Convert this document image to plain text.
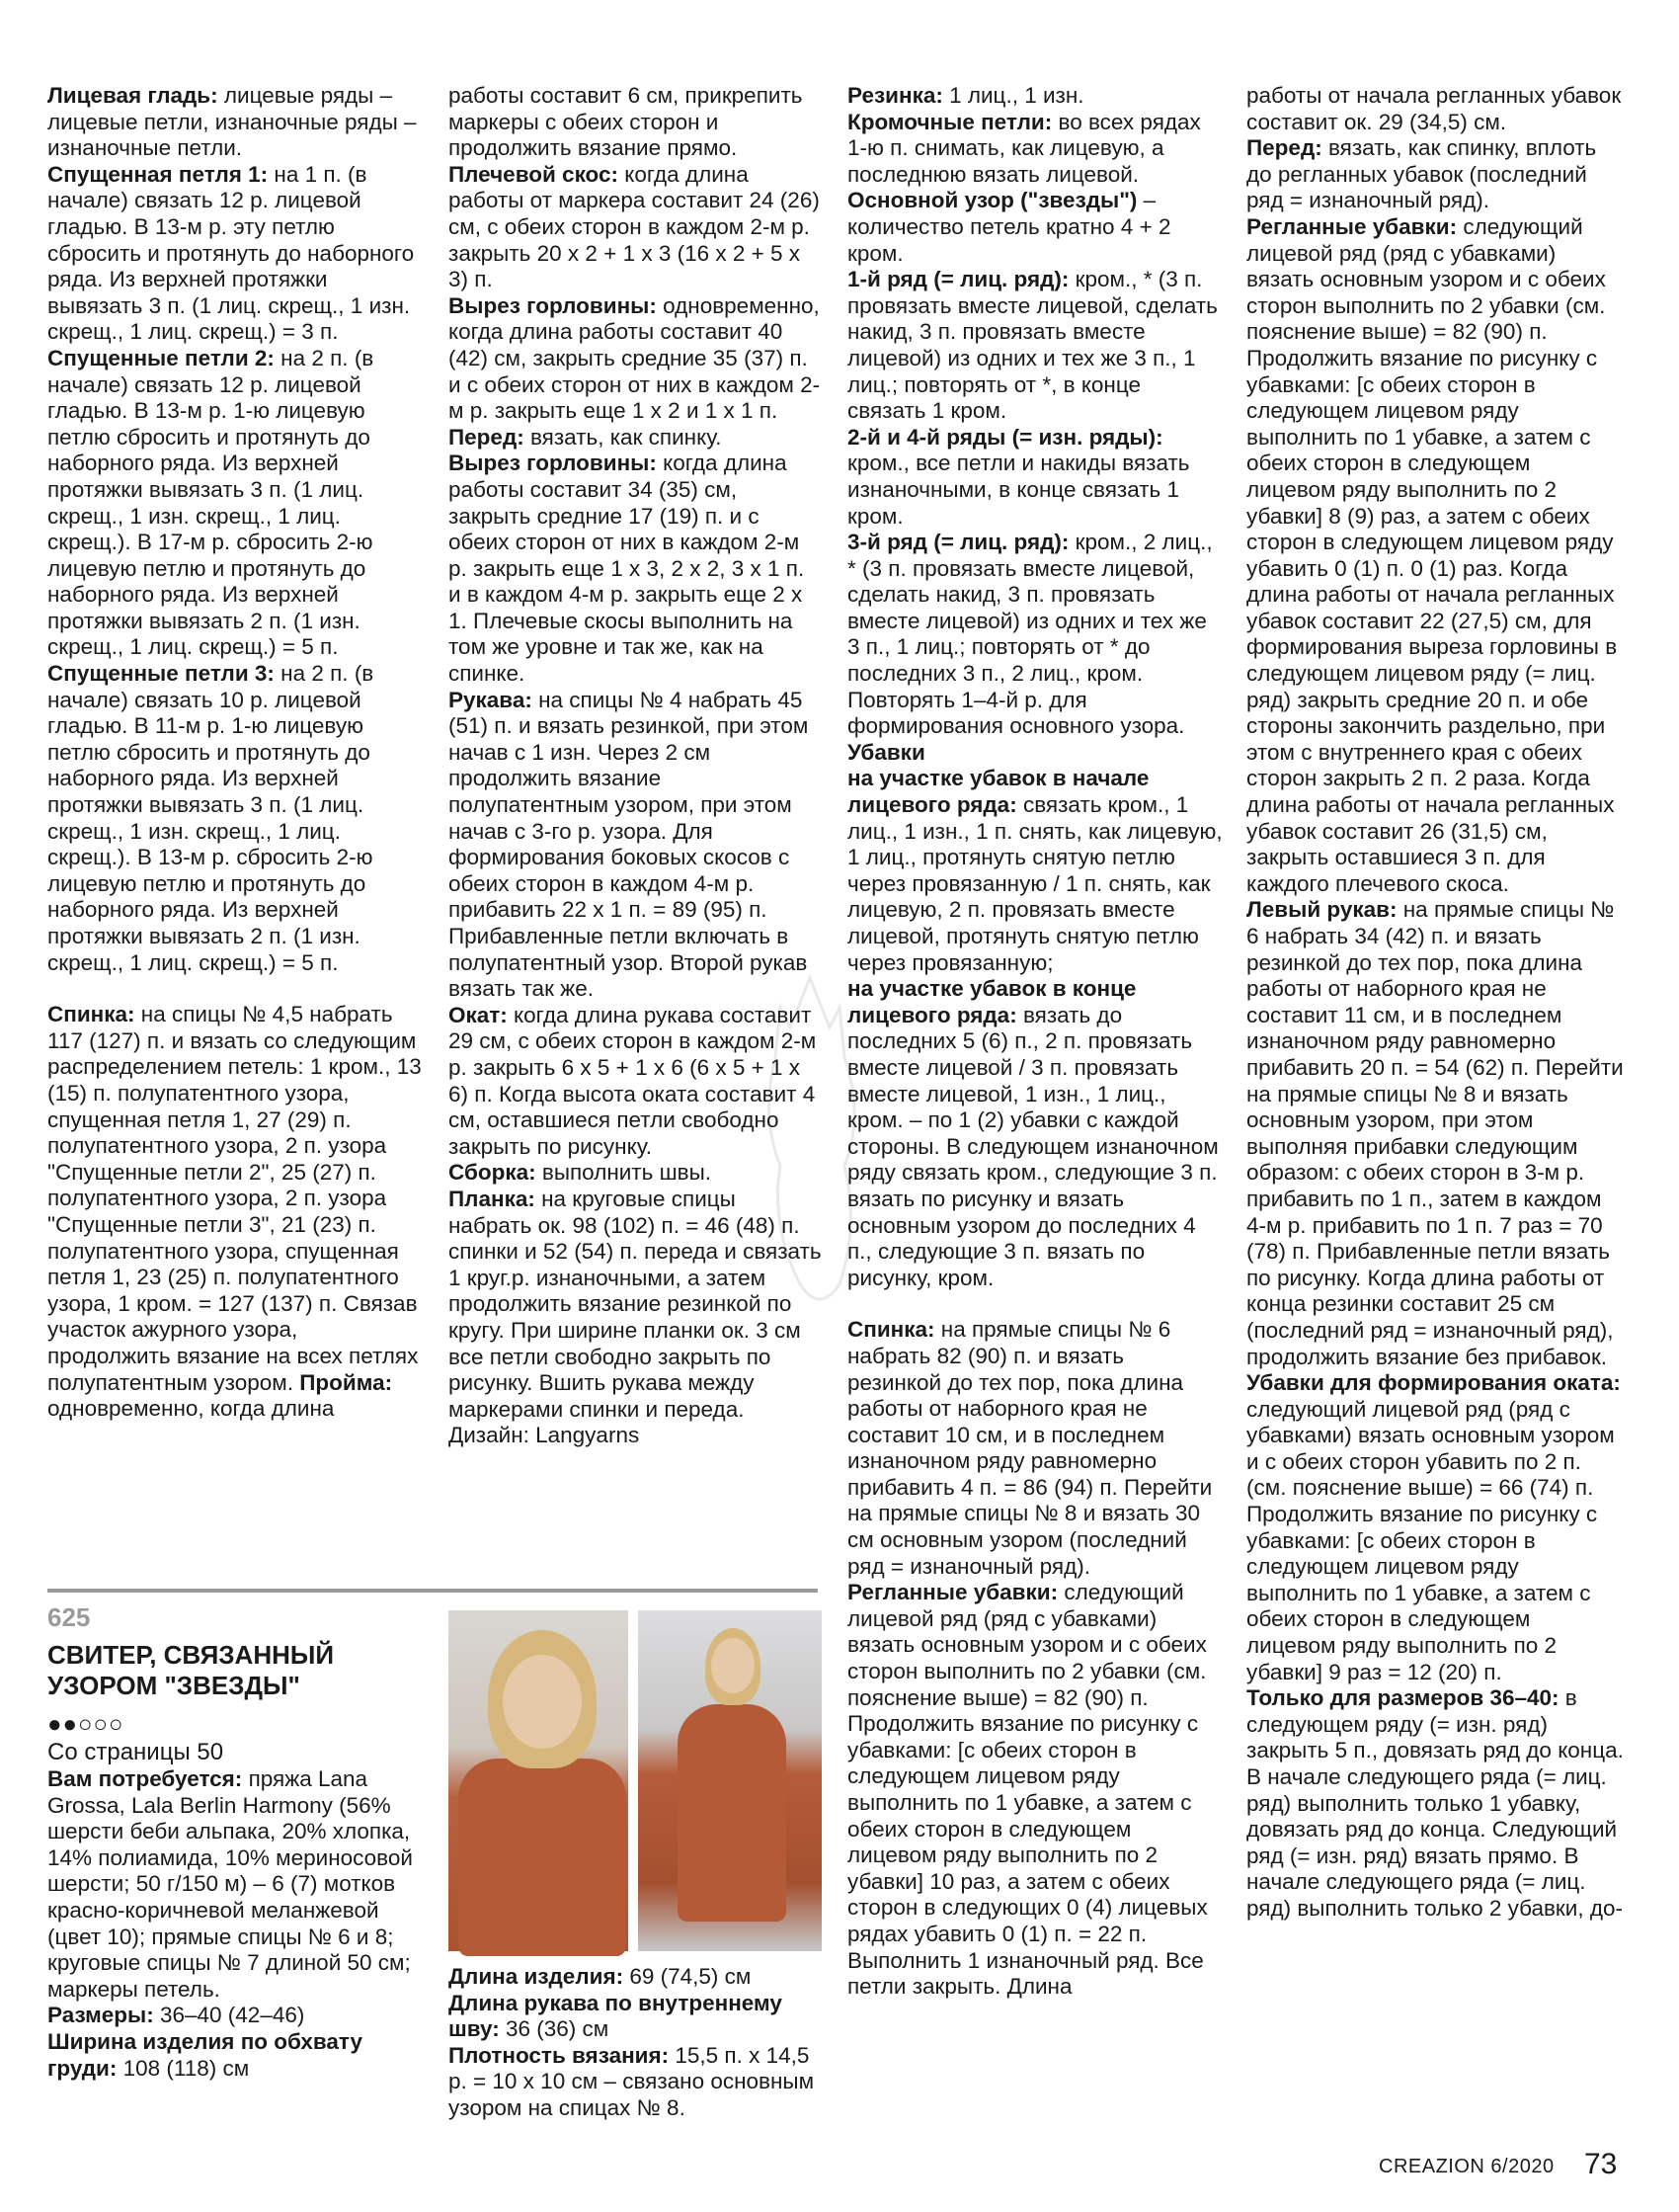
Лицевая гладь: лицевые ряды – лицевые петли, изнаночные ряды – изнаночные петли.

Спущенная петля 1: на 1 п. (в начале) связать 12 р. лицевой гладью. В 13-м р. эту петлю сбросить и протянуть до наборного ряда. Из верхней протяжки вывязать 3 п. (1 лиц. скрещ., 1 изн. скрещ., 1 лиц. скрещ.) = 3 п.

Спущенные петли 2: на 2 п. (в начале) связать 12 р. лицевой гладью. В 13-м р. 1-ю лицевую петлю сбросить и протянуть до наборного ряда. Из верхней протяжки вывязать 3 п. (1 лиц. скрещ., 1 изн. скрещ., 1 лиц. скрещ.). В 17-м р. сбросить 2-ю лицевую петлю и протянуть до наборного ряда. Из верхней протяжки вывязать 2 п. (1 изн. скрещ., 1 лиц. скрещ.) = 5 п.

Спущенные петли 3: на 2 п. (в начале) связать 10 р. лицевой гладью. В 11-м р. 1-ю лицевую петлю сбросить и протянуть до наборного ряда. Из верхней протяжки вывязать 3 п. (1 лиц. скрещ., 1 изн. скрещ., 1 лиц. скрещ.). В 13-м р. сбросить 2-ю лицевую петлю и протянуть до наборного ряда. Из верхней протяжки вывязать 2 п. (1 изн. скрещ., 1 лиц. скрещ.) = 5 п.

Спинка: на спицы № 4,5 набрать 117 (127) п. и вязать со следующим распределением петель: 1 кром., 13 (15) п. полупатентного узора, спущенная петля 1, 27 (29) п. полупатентного узора, 2 п. узора "Спущенные петли 2", 25 (27) п. полупатентного узора, 2 п. узора "Спущенные петли 3", 21 (23) п. полупатентного узора, спущенная петля 1, 23 (25) п. полупатентного узора, 1 кром. = 127 (137) п. Связав участок ажурного узора, продолжить вязание на всех петлях полупатентным узором. Пройма: одновременно, когда длина

работы составит 6 см, прикрепить маркеры с обеих сторон и продолжить вязание прямо.

Плечевой скос: когда длина работы от маркера составит 24 (26) см, с обеих сторон в каждом 2-м р. закрыть 20 х 2 + 1 х 3 (16 х 2 + 5 х 3) п.

Вырез горловины: одновременно, когда длина работы составит 40 (42) см, закрыть средние 35 (37) п. и с обеих сторон от них в каждом 2-м р. закрыть еще 1 х 2 и 1 х 1 п.

Перед: вязать, как спинку.

Вырез горловины: когда длина работы составит 34 (35) см, закрыть средние 17 (19) п. и с обеих сторон от них в каждом 2-м р. закрыть еще 1 х 3, 2 х 2, 3 х 1 п. и в каждом 4-м р. закрыть еще 2 х 1. Плечевые скосы выполнить на том же уровне и так же, как на спинке.

Рукава: на спицы № 4 набрать 45 (51) п. и вязать резинкой, при этом начав с 1 изн. Через 2 см продолжить вязание полупатентным узором, при этом начав с 3-го р. узора. Для формирования боковых скосов с обеих сторон в каждом 4-м р. прибавить 22 х 1 п. = 89 (95) п. Прибавленные петли включать в полупатентный узор. Второй рукав вязать так же.

Окат: когда длина рукава составит 29 см, с обеих сторон в каждом 2-м р. закрыть 6 х 5 + 1 х 6 (6 х 5 + 1 х 6) п. Когда высота оката составит 4 см, оставшиеся петли свободно закрыть по рисунку.

Сборка: выполнить швы.

Планка: на круговые спицы набрать ок. 98 (102) п. = 46 (48) п. спинки и 52 (54) п. переда и связать 1 круг.р. изнаночными, а затем продолжить вязание резинкой по кругу. При ширине планки ок. 3 см все петли свободно закрыть по рисунку. Вшить рукава между маркерами спинки и переда.

Дизайн: Langyarns

Резинка: 1 лиц., 1 изн.

Кромочные петли: во всех рядах 1-ю п. снимать, как лицевую, а последнюю вязать лицевой.

Основной узор ("звезды") – количество петель кратно 4 + 2 кром.

1-й ряд (= лиц. ряд): кром., * (3 п. провязать вместе лицевой, сделать накид, 3 п. провязать вместе лицевой) из одних и тех же 3 п., 1 лиц.; повторять от *, в конце связать 1 кром.

2-й и 4-й ряды (= изн. ряды): кром., все петли и накиды вязать изнаночными, в конце связать 1 кром.

3-й ряд (= лиц. ряд): кром., 2 лиц., * (3 п. провязать вместе лицевой, сделать накид, 3 п. провязать вместе лицевой) из одних и тех же 3 п., 1 лиц.; повторять от * до последних 3 п., 2 лиц., кром.

Повторять 1–4-й р. для формирования основного узора.

Убавки

на участке убавок в начале лицевого ряда: связать кром., 1 лиц., 1 изн., 1 п. снять, как лицевую, 1 лиц., протянуть снятую петлю через провязанную / 1 п. снять, как лицевую, 2 п. провязать вместе лицевой, протянуть снятую петлю через провязанную;

на участке убавок в конце лицевого ряда: вязать до последних 5 (6) п., 2 п. провязать вместе лицевой / 3 п. провязать вместе лицевой, 1 изн., 1 лиц., кром. – по 1 (2) убавки с каждой стороны. В следующем изнаночном ряду связать кром., следующие 3 п. вязать по рисунку и вязать основным узором до последних 4 п., следующие 3 п. вязать по рисунку, кром.

Спинка: на прямые спицы № 6 набрать 82 (90) п. и вязать резинкой до тех пор, пока длина работы от наборного края не составит 10 см, и в последнем изнаночном ряду равномерно прибавить 4 п. = 86 (94) п. Перейти на прямые спицы № 8 и вязать 30 см основным узором (последний ряд = изнаночный ряд).

Регланные убавки: следующий лицевой ряд (ряд с убавками) вязать основным узором и с обеих сторон выполнить по 2 убавки (см. пояснение выше) = 82 (90) п. Продолжить вязание по рисунку с убавками: [с обеих сторон в следующем лицевом ряду выполнить по 1 убавке, а затем с обеих сторон в следующем лицевом ряду выполнить по 2 убавки] 10 раз, а затем с обеих сторон в следующих 0 (4) лицевых рядах убавить 0 (1) п. = 22 п. Выполнить 1 изнаночный ряд. Все петли закрыть. Длина

работы от начала регланных убавок составит ок. 29 (34,5) см.

Перед: вязать, как спинку, вплоть до регланных убавок (последний ряд = изнаночный ряд).

Регланные убавки: следующий лицевой ряд (ряд с убавками) вязать основным узором и с обеих сторон выполнить по 2 убавки (см. пояснение выше) = 82 (90) п. Продолжить вязание по рисунку с убавками: [с обеих сторон в следующем лицевом ряду выполнить по 1 убавке, а затем с обеих сторон в следующем лицевом ряду выполнить по 2 убавки] 8 (9) раз, а затем с обеих сторон в следующем лицевом ряду убавить 0 (1) п. 0 (1) раз. Когда длина работы от начала регланных убавок составит 22 (27,5) см, для формирования выреза горловины в следующем лицевом ряду (= лиц. ряд) закрыть средние 20 п. и обе стороны закончить раздельно, при этом с внутреннего края с обеих сторон закрыть 2 п. 2 раза. Когда длина работы от начала регланных убавок составит 26 (31,5) см, закрыть оставшиеся 3 п. для каждого плечевого скоса.

Левый рукав: на прямые спицы № 6 набрать 34 (42) п. и вязать резинкой до тех пор, пока длина работы от наборного края не составит 11 см, и в последнем изнаночном ряду равномерно прибавить 20 п. = 54 (62) п. Перейти на прямые спицы № 8 и вязать основным узором, при этом выполняя прибавки следующим образом: с обеих сторон в 3-м р. прибавить по 1 п., затем в каждом 4-м р. прибавить по 1 п. 7 раз = 70 (78) п. Прибавленные петли вязать по рисунку. Когда длина работы от конца резинки составит 25 см (последний ряд = изнаночный ряд), продолжить вязание без прибавок.

Убавки для формирования оката: следующий лицевой ряд (ряд с убавками) вязать основным узором и с обеих сторон убавить по 2 п. (см. пояснение выше) = 66 (74) п. Продолжить вязание по рисунку с убавками: [с обеих сторон в следующем лицевом ряду выполнить по 1 убавке, а затем с обеих сторон в следующем лицевом ряду выполнить по 2 убавки] 9 раз = 12 (20) п.

Только для размеров 36–40: в следующем ряду (= изн. ряд) закрыть 5 п., довязать ряд до конца. В начале следующего ряда (= лиц. ряд) выполнить только 1 убавку, довязать ряд до конца. Следующий ряд (= изн. ряд) вязать прямо. В начале следующего ряда (= лиц. ряд) выполнить только 2 убавки, до-

625
СВИТЕР, СВЯЗАННЫЙ УЗОРОМ "ЗВЕЗДЫ"
●●○○○

Со страницы 50

Вам потребуется: пряжа Lana Grossa, Lala Berlin Harmony (56% шерсти беби альпака, 20% хлопка, 14% полиамида, 10% мериносовой шерсти; 50 г/150 м) – 6 (7) мотков красно-коричневой меланжевой (цвет 10); прямые спицы № 6 и 8; круговые спицы № 7 длиной 50 см; маркеры петель.

Размеры: 36–40 (42–46)

Ширина изделия по обхвату груди: 108 (118) см

Длина изделия: 69 (74,5) см

Длина рукава по внутреннему шву: 36 (36) см

Плотность вязания: 15,5 п. х 14,5 р. = 10 х 10 см – связано основным узором на спицах № 8.

CREAZION 6/2020 73
